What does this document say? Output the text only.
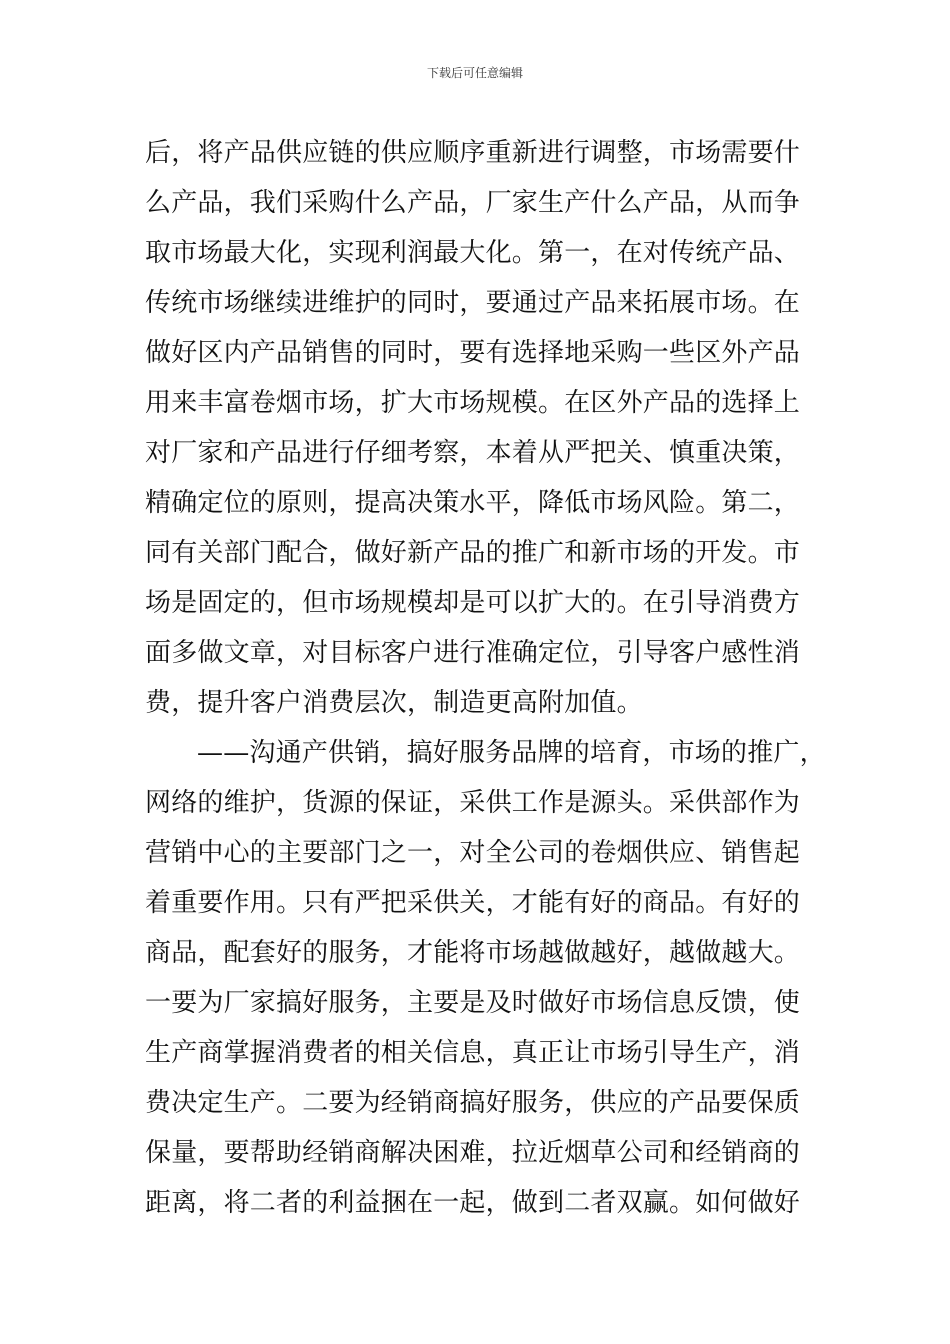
下载后可任意编辑
后，将产品供应链的供应顺序重新进行调整，市场需要什
么产品，我们采购什么产品，厂家生产什么产品，从而争
取市场最大化，实现利润最大化。第一，在对传统产品、
传统市场继续进维护的同时，要通过产品来拓展市场。在
做好区内产品销售的同时，要有选择地采购一些区外产品
用来丰富卷烟市场，扩大市场规模。在区外产品的选择上
对厂家和产品进行仔细考察，本着从严把关、慎重决策，
精确定位的原则，提高决策水平，降低市场风险。第二，
同有关部门配合，做好新产品的推广和新市场的开发。市
场是固定的，但市场规模却是可以扩大的。在引导消费方
面多做文章，对目标客户进行准确定位，引导客户感性消
费，提升客户消费层次，制造更高附加值。
——沟通产供销，搞好服务品牌的培育，市场的推广，
网络的维护，货源的保证，采供工作是源头。采供部作为
营销中心的主要部门之一，对全公司的卷烟供应、销售起
着重要作用。只有严把采供关，才能有好的商品。有好的
商品，配套好的服务，才能将市场越做越好，越做越大。
一要为厂家搞好服务，主要是及时做好市场信息反馈，使
生产商掌握消费者的相关信息，真正让市场引导生产，消
费决定生产。二要为经销商搞好服务，供应的产品要保质
保量，要帮助经销商解决困难，拉近烟草公司和经销商的
距离，将二者的利益捆在一起，做到二者双赢。如何做好
